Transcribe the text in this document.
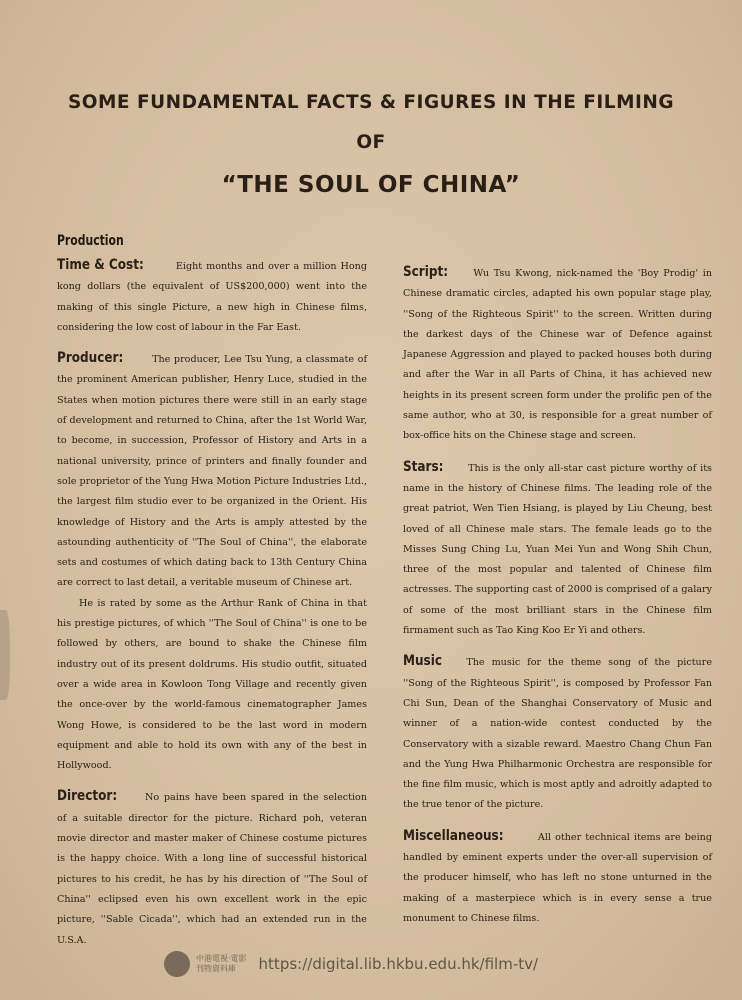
SOME FUNDAMENTAL FACTS & FIGURES IN THE FILMING
OF
“THE SOUL OF CHINA”
Production

Time & Cost:	Eight months and over a million Hong kong dollars (the equivalent of US$200,000) went into the making of this single Picture, a new high in Chinese films, considering the low cost of labour in the Far East.

Producer:	The producer, Lee Tsu Yung, a classmate of the prominent American publisher, Henry Luce, studied in the States when motion pictures there were still in an early stage of development and returned to China, after the 1st World War, to become, in succession, Professor of History and Arts in a national university, prince of printers and finally founder and sole proprietor of the Yung Hwa Motion Picture Industries Ltd., the largest film studio ever to be organized in the Orient. His knowledge of History and the Arts is amply attested by the astounding authenticity of ''The Soul of China'', the elaborate sets and costumes of which dating back to 13th Century China are correct to last detail, a veritable museum of Chinese art.

He is rated by some as the Arthur Rank of China in that his prestige pictures, of which ''The Soul of China'' is one to be followed by others, are bound to shake the Chinese film industry out of its present doldrums. His studio outfit, situated over a wide area in Kowloon Tong Village and recently given the once-over by the world-famous cinematographer James Wong Howe, is considered to be the last word in modern equipment and able to hold its own with any of the best in Hollywood.

Director:	No pains have been spared in the selection of a suitable director for the picture. Richard poh, veteran movie director and master maker of Chinese costume pictures is the happy choice. With a long line of successful historical pictures to his credit, he has by his direction of ''The Soul of China'' eclipsed even his own excellent work in the epic picture, ''Sable Cicada'', which had an extended run in the U.S.A.

Script:	Wu Tsu Kwong, nick-named the 'Boy Prodig' in Chinese dramatic circles, adapted his own popular stage play, ''Song of the Righteous Spirit'' to the screen. Written during the darkest days of the Chinese war of Defence against Japanese Aggression and played to packed houses both during and after the War in all Parts of China, it has achieved new heights in its present screen form under the prolific pen of the same author, who at 30, is responsible for a great number of box-office hits on the Chinese stage and screen.

Stars:	This is the only all-star cast picture worthy of its name in the history of Chinese films. The leading role of the great patriot, Wen Tien Hsiang, is played by Liu Cheung, best loved of all Chinese male stars. The female leads go to the Misses Sung Ching Lu, Yuan Mei Yun and Wong Shih Chun, three of the most popular and talented of Chinese film actresses. The supporting cast of 2000 is comprised of a galary of some of the most brilliant stars in the Chinese film firmament such as Tao King Koo Er Yi and others.

Music	The music for the theme song of the picture ''Song of the Righteous Spirit'', is composed by Professor Fan Chi Sun, Dean of the Shanghai Conservatory of Music and winner of a nation-wide contest conducted by the Conservatory with a sizable reward. Maestro Chang Chun Fan and the Yung Hwa Philharmonic Orchestra are responsible for the fine film music, which is most aptly and adroitly adapted to the true tenor of the picture.

Miscellaneous:	All other technical items are being handled by eminent experts under the over-all supervision of the producer himself, who has left no stone unturned in the making of a masterpiece which is in every sense a true monument to Chinese films.

中港電視·電影
刊物資料庫	https://digital.lib.hkbu.edu.hk/film-tv/
